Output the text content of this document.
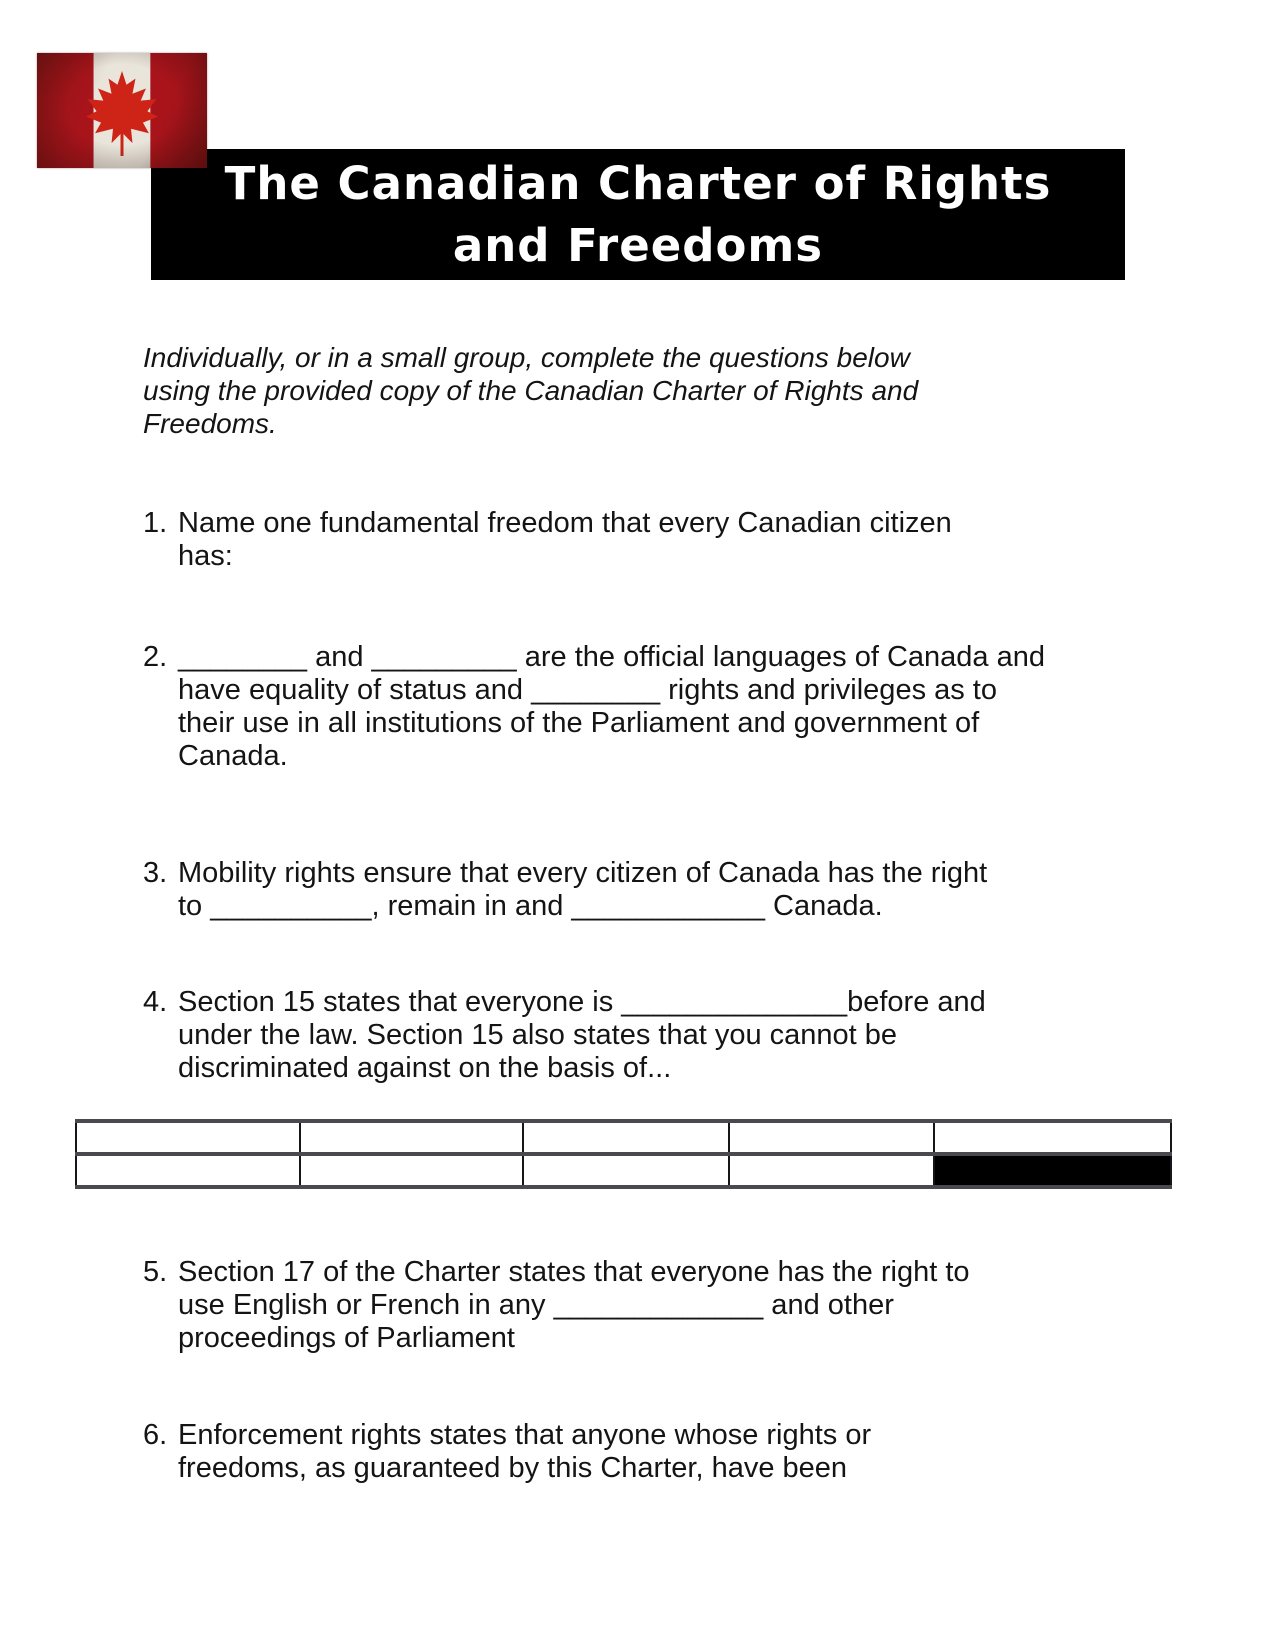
The Canadian Charter of Rights
and Freedoms
Individually, or in a small group, complete the questions below
using the provided copy of the Canadian Charter of Rights and
Freedoms.
1. Name one fundamental freedom that every Canadian citizen
has:
2. ________ and _________ are the official languages of Canada and
have equality of status and ________ rights and privileges as to
their use in all institutions of the Parliament and government of
Canada.
3. Mobility rights ensure that every citizen of Canada has the right
to __________, remain in and ____________ Canada.
4. Section 15 states that everyone is ______________before and
under the law. Section 15 also states that you cannot be
discriminated against on the basis of...
5. Section 17 of the Charter states that everyone has the right to
use English or French in any _____________ and other
proceedings of Parliament
6. Enforcement rights states that anyone whose rights or
freedoms, as guaranteed by this Charter, have been
